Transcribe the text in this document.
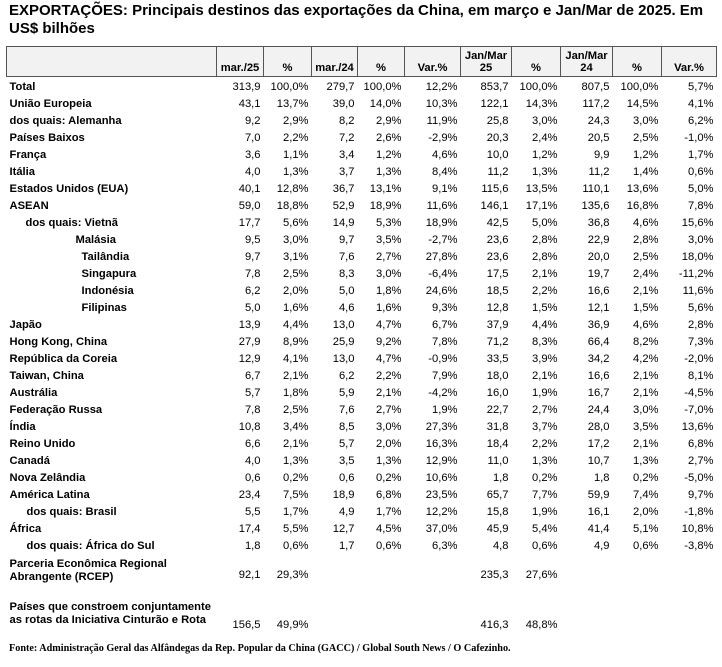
EXPORTAÇÕES: Principais destinos das exportações da China, em março e Jan/Mar de 2025. Em US$ bilhões
	mar./25	%	mar./24	%	Var.%	Jan/Mar 25	%	Jan/Mar 24	%	Var.%

Total	313,9	100,0%	279,7	100,0%	12,2%	853,7	100,0%	807,5	100,0%	5,7%
União Europeia	43,1	13,7%	39,0	14,0%	10,3%	122,1	14,3%	117,2	14,5%	4,1%
dos quais: Alemanha	9,2	2,9%	8,2	2,9%	11,9%	25,8	3,0%	24,3	3,0%	6,2%
Países Baixos	7,0	2,2%	7,2	2,6%	-2,9%	20,3	2,4%	20,5	2,5%	-1,0%
França	3,6	1,1%	3,4	1,2%	4,6%	10,0	1,2%	9,9	1,2%	1,7%
Itália	4,0	1,3%	3,7	1,3%	8,4%	11,2	1,3%	11,2	1,4%	0,6%
Estados Unidos (EUA)	40,1	12,8%	36,7	13,1%	9,1%	115,6	13,5%	110,1	13,6%	5,0%
ASEAN	59,0	18,8%	52,9	18,9%	11,6%	146,1	17,1%	135,6	16,8%	7,8%
dos quais: Vietnã	17,7	5,6%	14,9	5,3%	18,9%	42,5	5,0%	36,8	4,6%	15,6%
Malásia	9,5	3,0%	9,7	3,5%	-2,7%	23,6	2,8%	22,9	2,8%	3,0%
Tailândia	9,7	3,1%	7,6	2,7%	27,8%	23,6	2,8%	20,0	2,5%	18,0%
Singapura	7,8	2,5%	8,3	3,0%	-6,4%	17,5	2,1%	19,7	2,4%	-11,2%
Indonésia	6,2	2,0%	5,0	1,8%	24,6%	18,5	2,2%	16,6	2,1%	11,6%
Filipinas	5,0	1,6%	4,6	1,6%	9,3%	12,8	1,5%	12,1	1,5%	5,6%
Japão	13,9	4,4%	13,0	4,7%	6,7%	37,9	4,4%	36,9	4,6%	2,8%
Hong Kong, China	27,9	8,9%	25,9	9,2%	7,8%	71,2	8,3%	66,4	8,2%	7,3%
República da Coreia	12,9	4,1%	13,0	4,7%	-0,9%	33,5	3,9%	34,2	4,2%	-2,0%
Taiwan, China	6,7	2,1%	6,2	2,2%	7,9%	18,0	2,1%	16,6	2,1%	8,1%
Austrália	5,7	1,8%	5,9	2,1%	-4,2%	16,0	1,9%	16,7	2,1%	-4,5%
Federação Russa	7,8	2,5%	7,6	2,7%	1,9%	22,7	2,7%	24,4	3,0%	-7,0%
Índia	10,8	3,4%	8,5	3,0%	27,3%	31,8	3,7%	28,0	3,5%	13,6%
Reino Unido	6,6	2,1%	5,7	2,0%	16,3%	18,4	2,2%	17,2	2,1%	6,8%
Canadá	4,0	1,3%	3,5	1,3%	12,9%	11,0	1,3%	10,7	1,3%	2,7%
Nova Zelândia	0,6	0,2%	0,6	0,2%	10,6%	1,8	0,2%	1,8	0,2%	-5,0%
América Latina	23,4	7,5%	18,9	6,8%	23,5%	65,7	7,7%	59,9	7,4%	9,7%
dos quais: Brasil	5,5	1,7%	4,9	1,7%	12,2%	15,8	1,9%	16,1	2,0%	-1,8%
África	17,4	5,5%	12,7	4,5%	37,0%	45,9	5,4%	41,4	5,1%	10,8%
dos quais: África do Sul	1,8	0,6%	1,7	0,6%	6,3%	4,8	0,6%	4,9	0,6%	-3,8%
Parceria Econômica Regional Abrangente (RCEP)	92,1	29,3%				235,3	27,6%			
Países que constroem conjuntamente as rotas da Iniciativa Cinturão e Rota	156,5	49,9%				416,3	48,8%			
Fonte: Administração Geral das Alfândegas da Rep. Popular da China (GACC) / Global South News / O Cafezinho.
